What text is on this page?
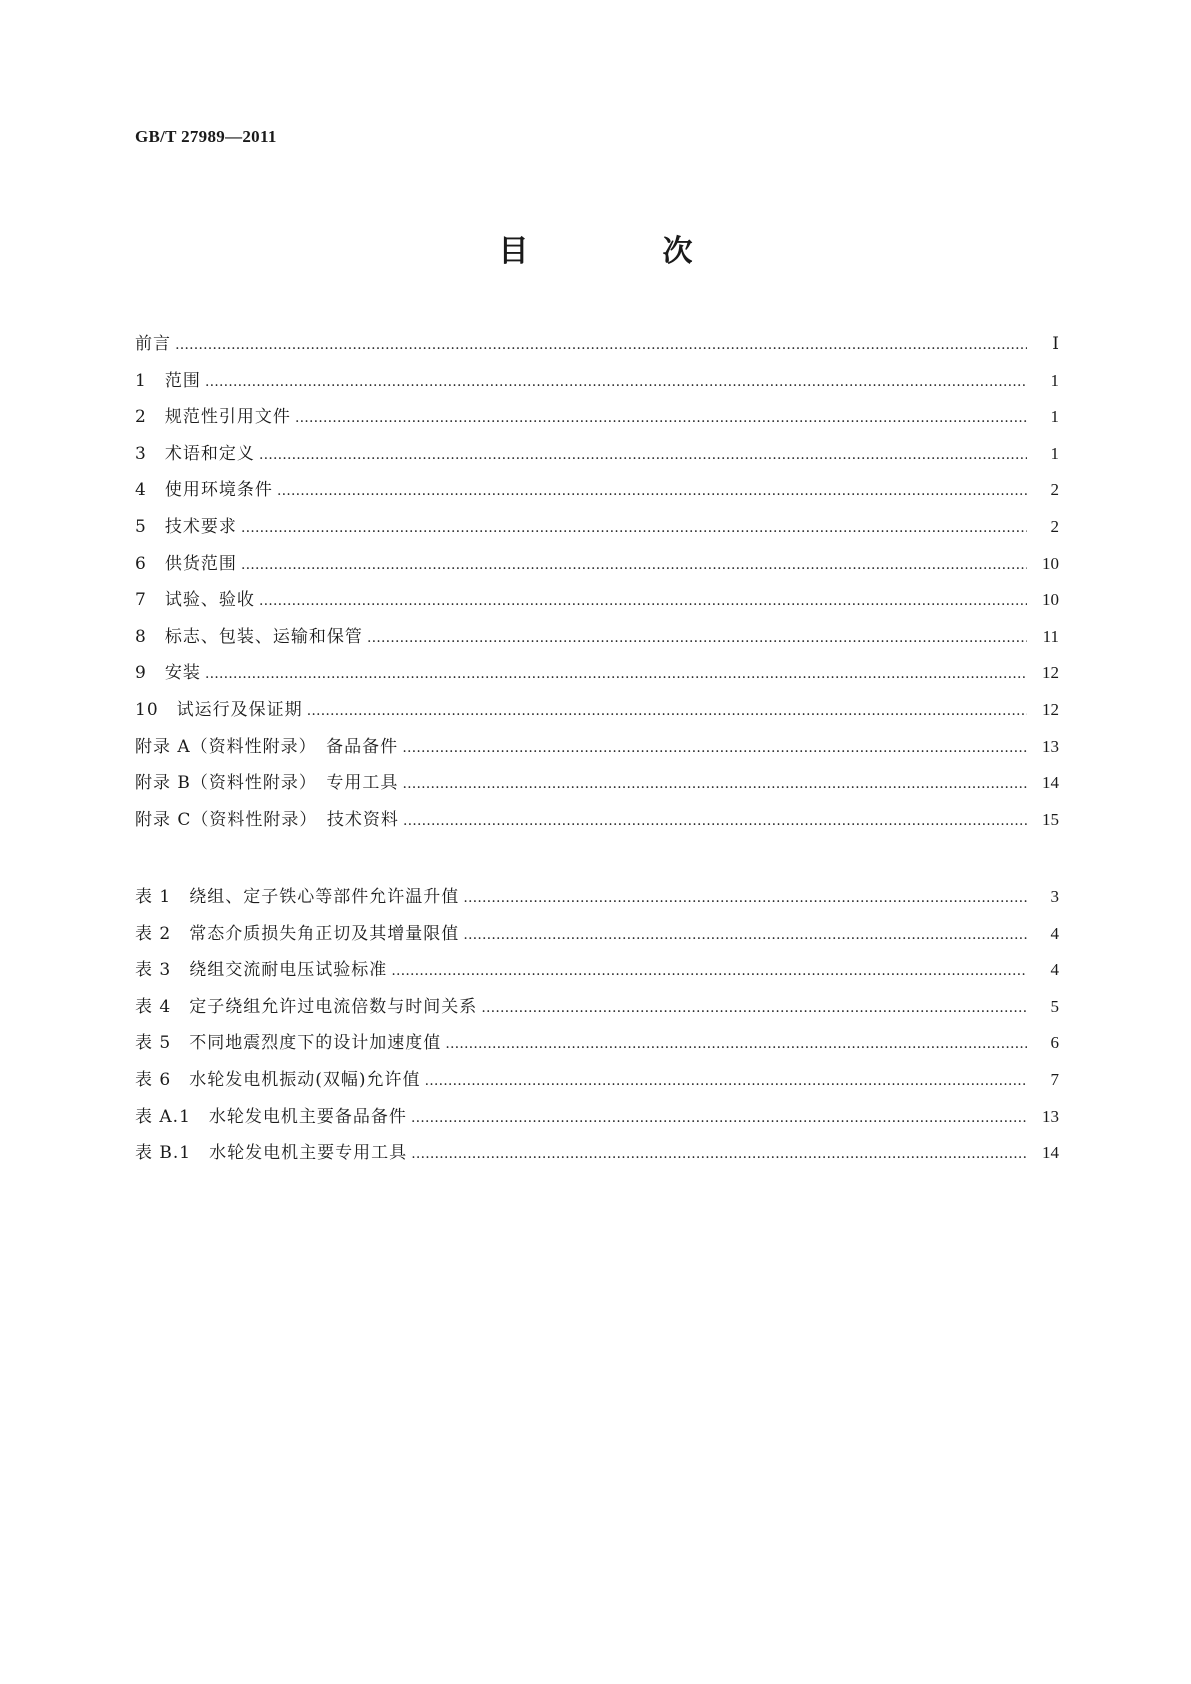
GB/T 27989—2011
目　次
前言 …………………………………………………………………………………………………………………………………………………………………………………………………………………………	Ⅰ
1　范围 …………………………………………………………………………………………………………………………………………………………………………………………………………………………	1
2　规范性引用文件 …………………………………………………………………………………………………………………………………………………………………………………………………………………………	1
3　术语和定义 …………………………………………………………………………………………………………………………………………………………………………………………………………………………	1
4　使用环境条件 …………………………………………………………………………………………………………………………………………………………………………………………………………………………	2
5　技术要求 …………………………………………………………………………………………………………………………………………………………………………………………………………………………	2
6　供货范围 …………………………………………………………………………………………………………………………………………………………………………………………………………………………	10
7　试验、验收 …………………………………………………………………………………………………………………………………………………………………………………………………………………………	10
8　标志、包装、运输和保管 …………………………………………………………………………………………………………………………………………………………………………………………………………………………	11
9　安装 …………………………………………………………………………………………………………………………………………………………………………………………………………………………	12
10　试运行及保证期 …………………………………………………………………………………………………………………………………………………………………………………………………………………………	12
附录 A（资料性附录）　备品备件 …………………………………………………………………………………………………………………………………………………………………………………………………………………………	13
附录 B（资料性附录）　专用工具 …………………………………………………………………………………………………………………………………………………………………………………………………………………………	14
附录 C（资料性附录）　技术资料 …………………………………………………………………………………………………………………………………………………………………………………………………………………………	15
表 1　绕组、定子铁心等部件允许温升值 …………………………………………………………………………………………………………………………………………………………………………………………………………………………	3
表 2　常态介质损失角正切及其增量限值 …………………………………………………………………………………………………………………………………………………………………………………………………………………………	4
表 3　绕组交流耐电压试验标准 …………………………………………………………………………………………………………………………………………………………………………………………………………………………	4
表 4　定子绕组允许过电流倍数与时间关系 …………………………………………………………………………………………………………………………………………………………………………………………………………………………	5
表 5　不同地震烈度下的设计加速度值 …………………………………………………………………………………………………………………………………………………………………………………………………………………………	6
表 6　水轮发电机振动(双幅)允许值 …………………………………………………………………………………………………………………………………………………………………………………………………………………………	7
表 A.1　水轮发电机主要备品备件 …………………………………………………………………………………………………………………………………………………………………………………………………………………………	13
表 B.1　水轮发电机主要专用工具 …………………………………………………………………………………………………………………………………………………………………………………………………………………………	14
